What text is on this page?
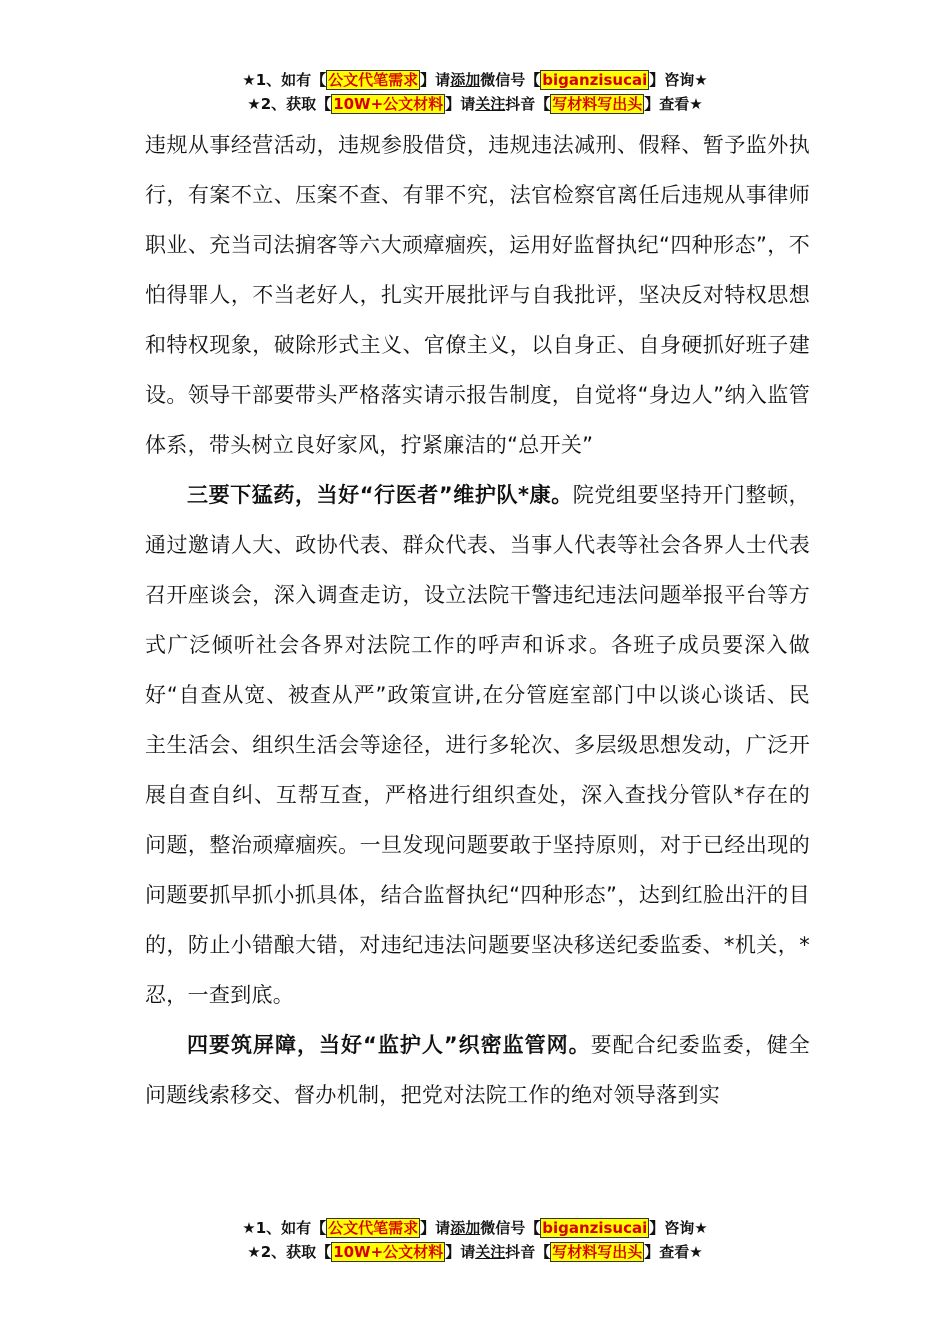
★1、如有【 公文代笔需求 】请添加微信号【 biganzisucai 】咨询★
★2、获取【 10W+公文材料 】请关注抖音【 写材料写出头 】查看★

违规从事经营活动，违规参股借贷，违规违法减刑、假释、暂予监外执行，有案不立、压案不查、有罪不究，法官检察官离任后违规从事律师职业、充当司法掮客等六大顽瘴痼疾，运用好监督执纪“四种形态”，不怕得罪人，不当老好人，扎实开展批评与自我批评，坚决反对特权思想和特权现象，破除形式主义、官僚主义，以自身正、自身硬抓好班子建设。领导干部要带头严格落实请示报告制度，自觉将“身边人”纳入监管体系，带头树立良好家风，拧紧廉洁的“总开关”

三要下猛药，当好“行医者”维护队*康。院党组要坚持开门整顿，通过邀请人大、政协代表、群众代表、当事人代表等社会各界人士代表召开座谈会，深入调查走访，设立法院干警违纪违法问题举报平台等方式广泛倾听社会各界对法院工作的呼声和诉求。各班子成员要深入做好“自查从宽、被查从严”政策宣讲,在分管庭室部门中以谈心谈话、民主生活会、组织生活会等途径，进行多轮次、多层级思想发动，广泛开展自查自纠、互帮互查，严格进行组织查处，深入查找分管队*存在的问题，整治顽瘴痼疾。一旦发现问题要敢于坚持原则，对于已经出现的问题要抓早抓小抓具体，结合监督执纪“四种形态”，达到红脸出汗的目的，防止小错酿大错，对违纪违法问题要坚决移送纪委监委、*机关，*忍，一查到底。

四要筑屏障，当好“监护人”织密监管网。要配合纪委监委，健全问题线索移交、督办机制，把党对法院工作的绝对领导落到实

★1、如有【 公文代笔需求 】请添加微信号【 biganzisucai 】咨询★
★2、获取【 10W+公文材料 】请关注抖音【 写材料写出头 】查看★
